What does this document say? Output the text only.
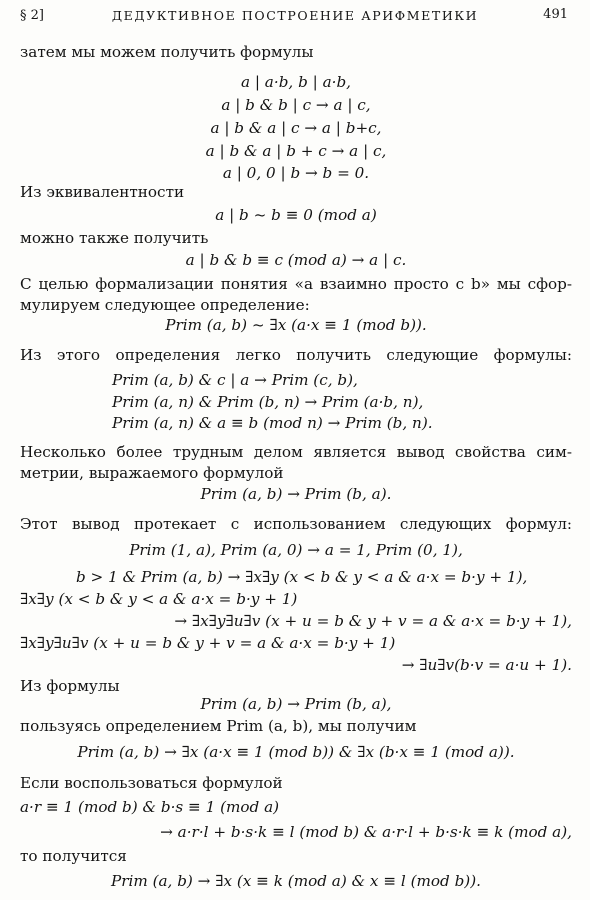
§ 2]	ДЕДУКТИВНОЕ ПОСТРОЕНИЕ АРИФМЕТИКИ	491
затем мы можем получить формулы
a | a·b, b | a·b,
a | b & b | c → a | c,
a | b & a | c → a | b+c,
a | b & a | b + c → a | c,
a | 0, 0 | b → b = 0.
Из эквивалентности
a | b ~ b ≡ 0 (mod a)
можно также получить
a | b & b ≡ c (mod a) → a | c.
С целью формализации понятия «a взаимно просто с b» мы сфор-
мулируем следующее определение:
Prim (a, b) ~ ∃x (a·x ≡ 1 (mod b)).
Из этого определения легко получить следующие формулы:
Prim (a, b) & c | a → Prim (c, b),
Prim (a, n) & Prim (b, n) → Prim (a·b, n),
Prim (a, n) & a ≡ b (mod n) → Prim (b, n).
Несколько более трудным делом является вывод свойства сим-
метрии, выражаемого формулой
Prim (a, b) → Prim (b, a).
Этот вывод протекает с использованием следующих формул:
Prim (1, a), Prim (a, 0) → a = 1, Prim (0, 1),
b > 1 & Prim (a, b) → ∃x∃y (x < b & y < a & a·x = b·y + 1),
∃x∃y (x < b & y < a & a·x = b·y + 1)
→ ∃x∃y∃u∃v (x + u = b & y + v = a & a·x = b·y + 1),
∃x∃y∃u∃v (x + u = b & y + v = a & a·x = b·y + 1)
→ ∃u∃v(b·v = a·u + 1).
Из формулы
Prim (a, b) → Prim (b, a),
пользуясь определением Prim (a, b), мы получим
Prim (a, b) → ∃x (a·x ≡ 1 (mod b)) & ∃x (b·x ≡ 1 (mod a)).
Если воспользоваться формулой
a·r ≡ 1 (mod b) & b·s ≡ 1 (mod a)
→ a·r·l + b·s·k ≡ l (mod b) & a·r·l + b·s·k ≡ k (mod a),
то получится
Prim (a, b) → ∃x (x ≡ k (mod a) & x ≡ l (mod b)).
